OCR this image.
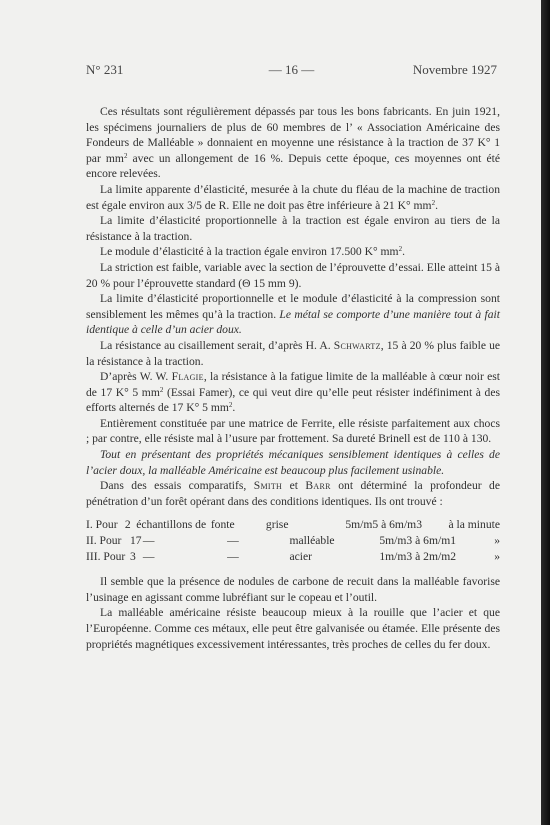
N° 231	— 16 —	Novembre 1927

Ces résultats sont régulièrement dépassés par tous les bons fabricants. En juin 1921, les spécimens journaliers de plus de 60 membres de l’ « Association Américaine des Fondeurs de Malléable » donnaient en moyenne une résistance à la traction de 37 K° 1 par $mm^2$ avec un allongement de 16 %. Depuis cette époque, ces moyennes ont été encore relevées.

La limite apparente d’élasticité, mesurée à la chute du fléau de la machine de traction est égale environ aux 3/5 de R. Elle ne doit pas être inférieure à 21 K° $mm^2$.

La limite d’élasticité proportionnelle à la traction est égale environ au tiers de la résistance à la traction.

Le module d’élasticité à la traction égale environ 17.500 K° $mm^2$.

La striction est faible, variable avec la section de l’éprouvette d’essai. Elle atteint 15 à 20 % pour l’éprouvette standard (Θ 15 mm 9).

La limite d’élasticité proportionnelle et le module d’élasticité à la compression sont sensiblement les mêmes qu’à la traction. Le métal se comporte d’une manière tout à fait identique à celle d’un acier doux.

La résistance au cisaillement serait, d’après H. A. Schwartz, 15 à 20 % plus faible ue la résistance à la traction.

D’après W. W. Flagie, la résistance à la fatigue limite de la malléable à cœur noir est de 17 K° 5 $mm^2$ (Essai Famer), ce qui veut dire qu’elle peut résister indéfiniment à des efforts alternés de 17 K° 5 $mm^2$.

Entièrement constituée par une matrice de Ferrite, elle résiste parfaitement aux chocs ; par contre, elle résiste mal à l’usure par frottement. Sa dureté Brinell est de 110 à 130.

Tout en présentant des propriétés mécaniques sensiblement identiques à celles de l’acier doux, la malléable Américaine est beaucoup plus facilement usinable.

Dans des essais comparatifs, Smith et Barr ont déterminé la profondeur de pénétration d’un forêt opérant dans des conditions identiques. Ils ont trouvé :

I. Pour 2 échantillons de fonte	grise	5m/m5 à 6m/m3	à la minute
II. Pour 17 —	—	malléable	5m/m3 à 6m/m1	»
III. Pour 3 —	—	acier	1m/m3 à 2m/m2	»

Il semble que la présence de nodules de carbone de recuit dans la malléable favorise l’usinage en agissant comme lubréfiant sur le copeau et l’outil.

La malléable américaine résiste beaucoup mieux à la rouille que l’acier et que l’Européenne. Comme ces métaux, elle peut être galvanisée ou étamée. Elle présente des propriétés magnétiques excessivement intéressantes, très proches de celles du fer doux.
